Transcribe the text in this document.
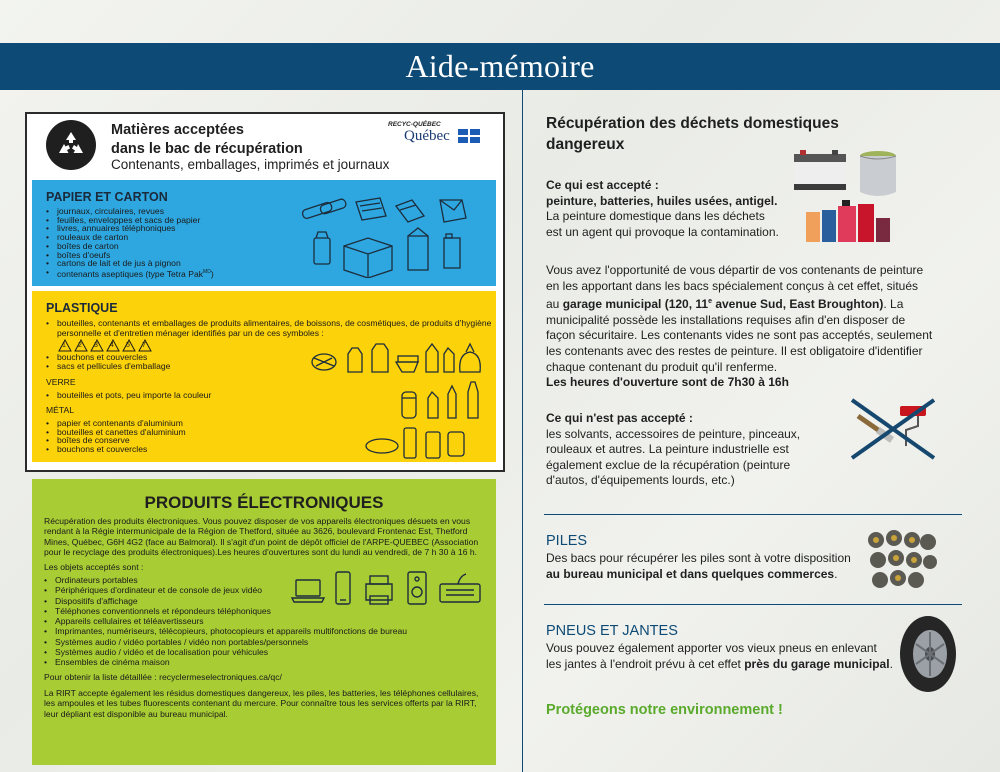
Aide-mémoire
Matières acceptées
dans le bac de récupération
Contenants, emballages, imprimés et journaux
RECYC-QUÉBEC
Québec
PAPIER ET CARTON
• journaux, circulaires, revues
• feuilles, enveloppes et sacs de papier
• livres, annuaires téléphoniques
• rouleaux de carton
• boîtes de carton
• boîtes d'oeufs
• cartons de lait et de jus à pignon
• contenants aseptiques (type Tetra Pak$^{MD}$)
PLASTIQUE
• bouteilles, contenants et emballages de produits alimentaires, de boissons, de cosmétiques, de produits d'hygiène personnelle et d'entretien ménager identifiés par un de ces symboles :
1 2 3 4 5 7
• bouchons et couvercles
• sacs et pellicules d'emballage
VERRE
• bouteilles et pots, peu importe la couleur
MÉTAL
• papier et contenants d'aluminium
• bouteilles et canettes d'aluminium
• boîtes de conserve
• bouchons et couvercles
PRODUITS ÉLECTRONIQUES
Récupération des produits électroniques. Vous pouvez disposer de vos appareils électroniques désuets en vous rendant à la Régie intermunicipale de la Région de Thetford, située au 3626, boulevard Frontenac Est, Thetford Mines, Québec, G6H 4G2 (face au Balmoral). Il s'agit d'un point de dépôt officiel de l'ARPE-QUEBEC (Association pour le recyclage des produits électroniques).Les heures d'ouvertures sont du lundi au vendredi, de 7 h 30 à 16 h.
Les objets acceptés sont :
• Ordinateurs portables
• Périphériques d'ordinateur et de console de jeux vidéo
• Dispositifs d'affichage
• Téléphones conventionnels et répondeurs téléphoniques
• Appareils cellulaires et téléavertisseurs
• Imprimantes, numériseurs, télécopieurs, photocopieurs et appareils multifonctions de bureau
• Systèmes audio / vidéo portables / vidéo non portables/personnels
• Systèmes audio / vidéo et de localisation pour véhicules
• Ensembles de cinéma maison
Pour obtenir la liste détaillée : recyclermeselectroniques.ca/qc/
La RIRT accepte également les résidus domestiques dangereux, les piles, les batteries, les téléphones cellulaires, les ampoules et les tubes fluorescents contenant du mercure. Pour connaître tous les services offerts par la RIRT, leur dépliant est disponible au bureau municipal.
Récupération des déchets domestiques
dangereux
Ce qui est accepté :
peinture, batteries, huiles usées, antigel.
La peinture domestique dans les déchets
est un agent qui provoque la contamination.
Vous avez l'opportunité de vous départir de vos contenants de peinture
en les apportant dans les bacs spécialement conçus à cet effet, situés
au garage municipal (120, 11e avenue Sud, East Broughton). La
municipalité possède les installations requises afin d'en disposer de
façon sécuritaire. Les contenants vides ne sont pas acceptés, seulement
les contenants avec des restes de peinture. Il est obligatoire d'identifier
chaque contenant du produit qu'il renferme.
Les heures d'ouverture sont de 7h30 à 16h
Ce qui n'est pas accepté :
les solvants, accessoires de peinture, pinceaux,
rouleaux et autres. La peinture industrielle est
également exclue de la récupération (peinture
d'autos, d'équipements lourds, etc.)
PILES
Des bacs pour récupérer les piles sont à votre disposition
au bureau municipal et dans quelques commerces.
PNEUS ET JANTES
Vous pouvez également apporter vos vieux pneus en enlevant
les jantes à l'endroit prévu à cet effet près du garage municipal.
Protégeons notre environnement !
